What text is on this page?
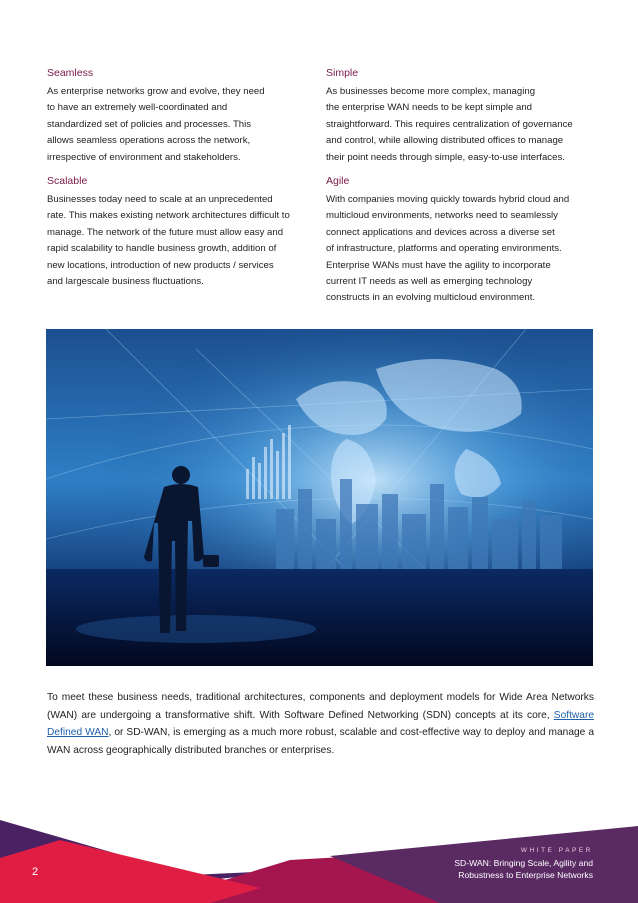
Seamless

As enterprise networks grow and evolve, they need
to have an extremely well-coordinated and
standardized set of policies and processes. This
allows seamless operations across the network,
irrespective of environment and stakeholders.

Simple

As businesses become more complex, managing
the enterprise WAN needs to be kept simple and
straightforward. This requires centralization of governance
and control, while allowing distributed offices to manage
their point needs through simple, easy-to-use interfaces.

Scalable

Businesses today need to scale at an unprecedented
rate. This makes existing network architectures difficult to
manage. The network of the future must allow easy and
rapid scalability to handle business growth, addition of
new locations, introduction of new products / services
and largescale business fluctuations.

Agile

With companies moving quickly towards hybrid cloud and
multicloud environments, networks need to seamlessly
connect applications and devices across a diverse set
of infrastructure, platforms and operating environments.
Enterprise WANs must have the agility to incorporate
current IT needs as well as emerging technology
constructs in an evolving multicloud environment.

To meet these business needs, traditional architectures, components and deployment models for Wide Area Networks (WAN) are undergoing a transformative shift. With Software Defined Networking (SDN) concepts at its core, Software Defined WAN, or SD-WAN, is emerging as a much more robust, scalable and cost-effective way to deploy and manage a WAN across geographically distributed branches or enterprises.

2
WHITE PAPER
SD-WAN: Bringing Scale, Agility and
Robustness to Enterprise Networks
